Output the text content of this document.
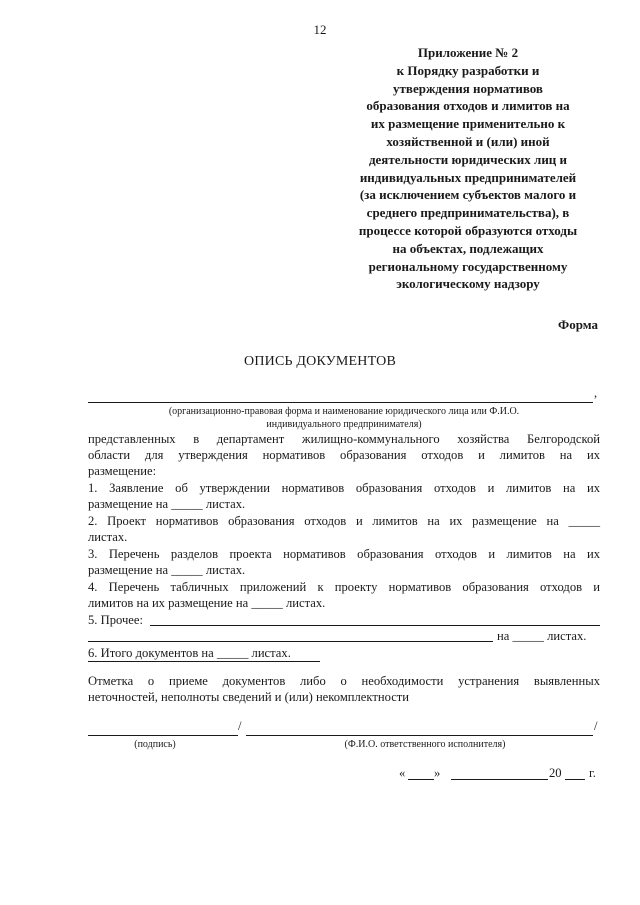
12
Приложение № 2
к Порядку разработки и
утверждения нормативов
образования отходов и лимитов на
их размещение применительно к
хозяйственной и (или) иной
деятельности юридических лиц и
индивидуальных предпринимателей
(за исключением субъектов малого и
среднего предпринимательства), в
процессе которой образуются отходы
на объектах, подлежащих
региональному государственному
экологическому надзору
Форма
ОПИСЬ ДОКУМЕНТОВ
,
(организационно-правовая форма и наименование юридического лица или Ф.И.О.
индивидуального предпринимателя)
представленных в департамент жилищно-коммунального хозяйства Белгородской
области для утверждения нормативов образования отходов и лимитов на их
размещение:
1. Заявление об утверждении нормативов образования отходов и лимитов на их
размещение на _____ листах.
2. Проект нормативов образования отходов и лимитов на их размещение на _____
листах.
3. Перечень разделов проекта нормативов образования отходов и лимитов на их
размещение на _____ листах.
4. Перечень табличных приложений к проекту нормативов образования отходов и
лимитов на их размещение на _____ листах.
5. Прочее:
на _____ листах.
6. Итого документов на _____ листах.
Отметка о приеме документов либо о необходимости устранения выявленных
неточностей, неполноты сведений и (или) некомплектности
/	/
(подпись)	(Ф.И.О. ответственного исполнителя)
« »	20 г.
